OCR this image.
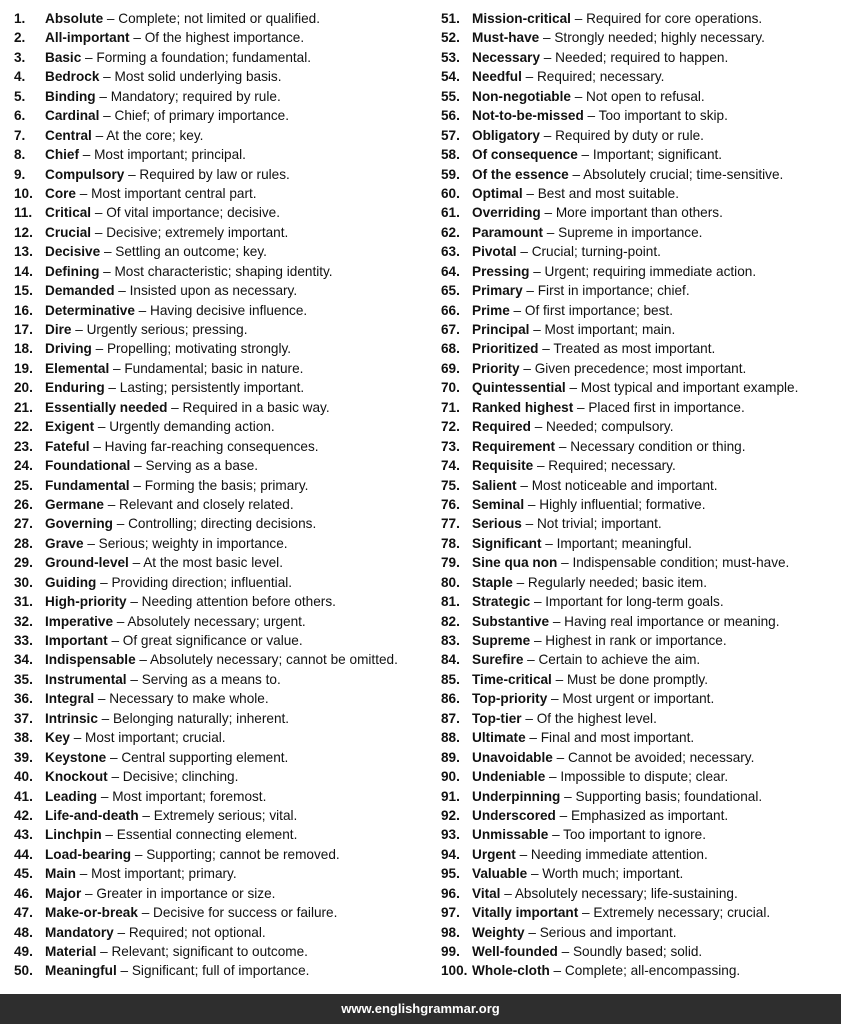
1.	Absolute – Complete; not limited or qualified.
2.	All-important – Of the highest importance.
3.	Basic – Forming a foundation; fundamental.
4.	Bedrock – Most solid underlying basis.
5.	Binding – Mandatory; required by rule.
6.	Cardinal – Chief; of primary importance.
7.	Central – At the core; key.
8.	Chief – Most important; principal.
9.	Compulsory – Required by law or rules.
10. Core – Most important central part.
11. Critical – Of vital importance; decisive.
12. Crucial – Decisive; extremely important.
13. Decisive – Settling an outcome; key.
14. Defining – Most characteristic; shaping identity.
15. Demanded – Insisted upon as necessary.
16. Determinative – Having decisive influence.
17. Dire – Urgently serious; pressing.
18. Driving – Propelling; motivating strongly.
19. Elemental – Fundamental; basic in nature.
20. Enduring – Lasting; persistently important.
21. Essentially needed – Required in a basic way.
22. Exigent – Urgently demanding action.
23. Fateful – Having far-reaching consequences.
24. Foundational – Serving as a base.
25. Fundamental – Forming the basis; primary.
26. Germane – Relevant and closely related.
27. Governing – Controlling; directing decisions.
28. Grave – Serious; weighty in importance.
29. Ground-level – At the most basic level.
30. Guiding – Providing direction; influential.
31. High-priority – Needing attention before others.
32. Imperative – Absolutely necessary; urgent.
33. Important – Of great significance or value.
34. Indispensable – Absolutely necessary; cannot be omitted.
35. Instrumental – Serving as a means to.
36. Integral – Necessary to make whole.
37. Intrinsic – Belonging naturally; inherent.
38. Key – Most important; crucial.
39. Keystone – Central supporting element.
40. Knockout – Decisive; clinching.
41. Leading – Most important; foremost.
42. Life-and-death – Extremely serious; vital.
43. Linchpin – Essential connecting element.
44. Load-bearing – Supporting; cannot be removed.
45. Main – Most important; primary.
46. Major – Greater in importance or size.
47. Make-or-break – Decisive for success or failure.
48. Mandatory – Required; not optional.
49. Material – Relevant; significant to outcome.
50. Meaningful – Significant; full of importance.
51. Mission-critical – Required for core operations.
52. Must-have – Strongly needed; highly necessary.
53. Necessary – Needed; required to happen.
54. Needful – Required; necessary.
55. Non-negotiable – Not open to refusal.
56. Not-to-be-missed – Too important to skip.
57. Obligatory – Required by duty or rule.
58. Of consequence – Important; significant.
59. Of the essence – Absolutely crucial; time-sensitive.
60. Optimal – Best and most suitable.
61. Overriding – More important than others.
62. Paramount – Supreme in importance.
63. Pivotal – Crucial; turning-point.
64. Pressing – Urgent; requiring immediate action.
65. Primary – First in importance; chief.
66. Prime – Of first importance; best.
67. Principal – Most important; main.
68. Prioritized – Treated as most important.
69. Priority – Given precedence; most important.
70. Quintessential – Most typical and important example.
71. Ranked highest – Placed first in importance.
72. Required – Needed; compulsory.
73. Requirement – Necessary condition or thing.
74. Requisite – Required; necessary.
75. Salient – Most noticeable and important.
76. Seminal – Highly influential; formative.
77. Serious – Not trivial; important.
78. Significant – Important; meaningful.
79. Sine qua non – Indispensable condition; must-have.
80. Staple – Regularly needed; basic item.
81. Strategic – Important for long-term goals.
82. Substantive – Having real importance or meaning.
83. Supreme – Highest in rank or importance.
84. Surefire – Certain to achieve the aim.
85. Time-critical – Must be done promptly.
86. Top-priority – Most urgent or important.
87. Top-tier – Of the highest level.
88. Ultimate – Final and most important.
89. Unavoidable – Cannot be avoided; necessary.
90. Undeniable – Impossible to dispute; clear.
91. Underpinning – Supporting basis; foundational.
92. Underscored – Emphasized as important.
93. Unmissable – Too important to ignore.
94. Urgent – Needing immediate attention.
95. Valuable – Worth much; important.
96. Vital – Absolutely necessary; life-sustaining.
97. Vitally important – Extremely necessary; crucial.
98. Weighty – Serious and important.
99. Well-founded – Soundly based; solid.
100. Whole-cloth – Complete; all-encompassing.
www.englishgrammar.org
